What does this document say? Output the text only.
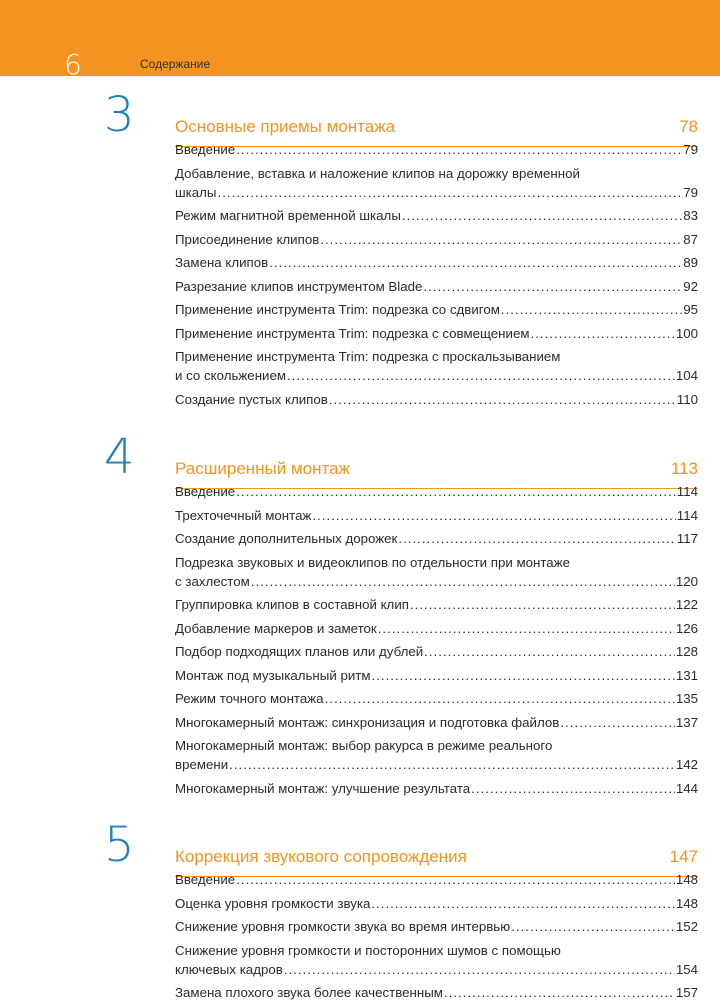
6	Содержание
3 Основные приемы монтажа	78
Введение .....	79
Добавление, вставка и наложение клипов на дорожку временной
шкалы .....	79
Режим магнитной временной шкалы .....	83
Присоединение клипов .....	87
Замена клипов .....	89
Разрезание клипов инструментом Blade .....	92
Применение инструмента Trim: подрезка со сдвигом .....	95
Применение инструмента Trim: подрезка с совмещением .....	100
Применение инструмента Trim: подрезка с проскальзыванием
и со скольжением .....	104
Создание пустых клипов .....	110
4 Расширенный монтаж	113
Введение .....	114
Трехточечный монтаж .....	114
Создание дополнительных дорожек .....	117
Подрезка звуковых и видеоклипов по отдельности при монтаже
с захлестом .....	120
Группировка клипов в составной клип .....	122
Добавление маркеров и заметок .....	126
Подбор подходящих планов или дублей .....	128
Монтаж под музыкальный ритм .....	131
Режим точного монтажа .....	135
Многокамерный монтаж: синхронизация и подготовка файлов .....	137
Многокамерный монтаж: выбор ракурса в режиме реального
времени .....	142
Многокамерный монтаж: улучшение результата .....	144
5 Коррекция звукового сопровождения	147
Введение .....	148
Оценка уровня громкости звука .....	148
Снижение уровня громкости звука во время интервью .....	152
Снижение уровня громкости и посторонних шумов с помощью
ключевых кадров .....	154
Замена плохого звука более качественным .....	157
